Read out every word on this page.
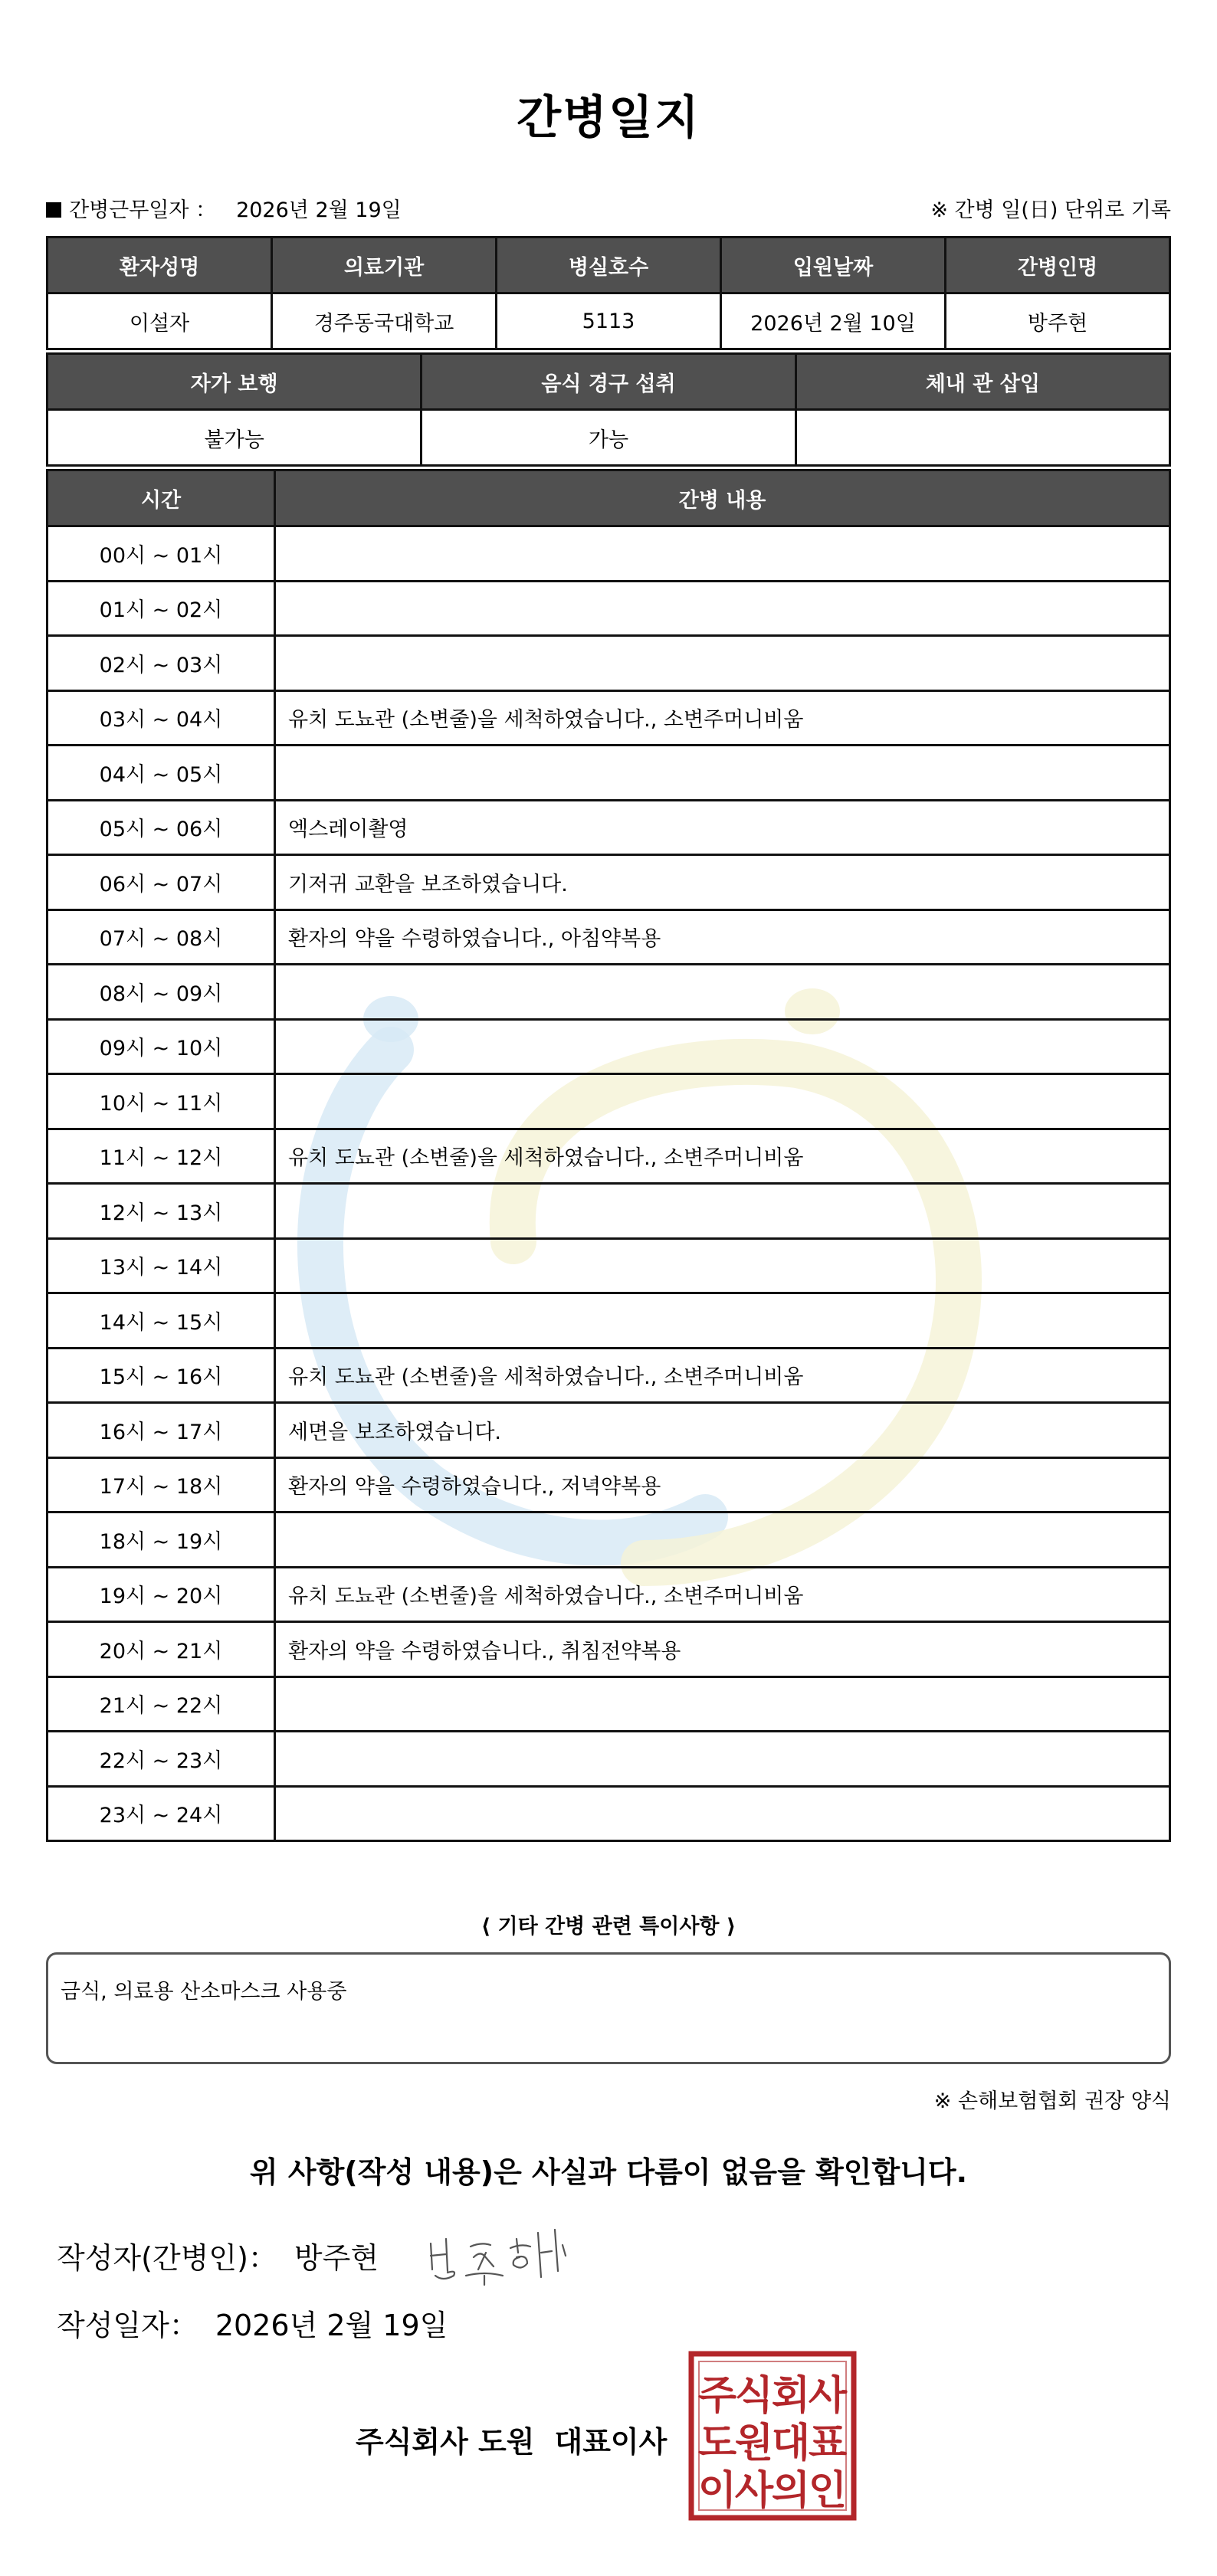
간병일지
간병근무일자 ： 2026년 2월 19일	※ 간병 일(日) 단위로 기록
환자성명	의료기관	병실호수	입원날짜	간병인명
이설자	경주동국대학교	5113	2026년 2월 10일	방주현
자가 보행	음식 경구 섭취	체내 관 삽입
불가능	가능	
시간	간병 내용
00시 ~ 01시	
01시 ~ 02시	
02시 ~ 03시	
03시 ~ 04시	유치 도뇨관 (소변줄)을 세척하였습니다., 소변주머니비움
04시 ~ 05시	
05시 ~ 06시	엑스레이촬영
06시 ~ 07시	기저귀 교환을 보조하였습니다.
07시 ~ 08시	환자의 약을 수령하였습니다., 아침약복용
08시 ~ 09시	
09시 ~ 10시	
10시 ~ 11시	
11시 ~ 12시	유치 도뇨관 (소변줄)을 세척하였습니다., 소변주머니비움
12시 ~ 13시	
13시 ~ 14시	
14시 ~ 15시	
15시 ~ 16시	유치 도뇨관 (소변줄)을 세척하였습니다., 소변주머니비움
16시 ~ 17시	세면을 보조하였습니다.
17시 ~ 18시	환자의 약을 수령하였습니다., 저녁약복용
18시 ~ 19시	
19시 ~ 20시	유치 도뇨관 (소변줄)을 세척하였습니다., 소변주머니비움
20시 ~ 21시	환자의 약을 수령하였습니다., 취침전약복용
21시 ~ 22시	
22시 ~ 23시	
23시 ~ 24시	
⟨ 기타 간병 관련 특이사항 ⟩
금식, 의료용 산소마스크 사용중
※ 손해보험협회 권장 양식
위 사항(작성 내용)은 사실과 다름이 없음을 확인합니다.
작성자(간병인)： 방주현
작성일자： 2026년 2월 19일
주식회사 도원 대표이사
주
식
회
사
도
원
대
표
이
사
의
인
